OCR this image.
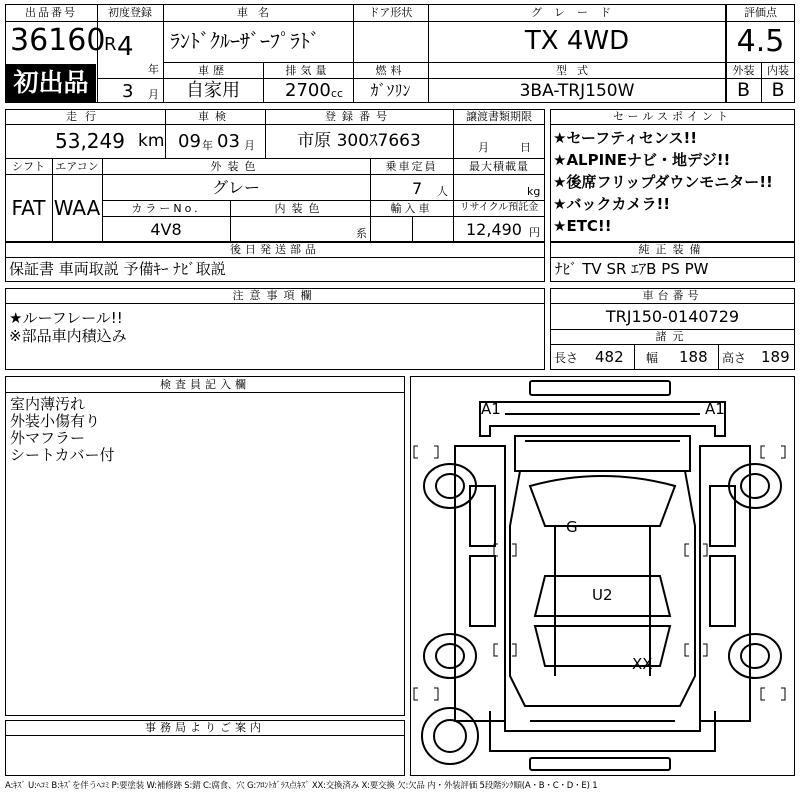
出品番号
36160
初出品
初度登録
R 4
年
3 月
車名
ﾗﾝﾄﾞｸﾙｰｻﾞｰﾌﾟﾗﾄﾞ
ドア形状	グレード
TX 4WD
車歴
自家用
排気量
2700 cc
燃料
ｶﾞｿﾘﾝ
型式
3BA-TRJ150W
評価点
4.5
外装	内装
B	B
走行
53,249 km
車検
09 年 03 月
登録番号
市原 300ｽ7663
譲渡書類期限
月	日
シフト
FAT
エアコン
WAA
外装色
グレー
乗車定員
7 人
最大積載量
kg
カラーNo.
4V8
内装色
系
輸入車	リサイクル預託金
12,490 円
セールスポイント
★セーフティセンス!!
★ALPINEナビ・地デジ!!
★後席フリップダウンモニター!!
★バックカメラ!!
★ETC!!
後日発送部品
保証書 車両取説 予備ｷｰ ﾅﾋﾞ取説
純正装備
ﾅﾋﾞ TV SR ｴｱB PS PW
注意事項欄
★ルーフレール!!
※部品車内積込み
車台番号
TRJ150-0140729
諸元
長さ 482 幅 188 高さ 189
検査員記入欄
室内薄汚れ
外装小傷有り
外マフラー
シートカバー付
事務局よりご案内
A1	A1
G
U2
XX
A:ｷｽﾞ U:ﾍｺﾐ B:ｷｽﾞを伴うﾍｺﾐ P:要塗装 W:補修跡 S:錆 C:腐食、穴 G:ﾌﾛﾝﾄｶﾞﾗｽ点ｷｽﾞ XX:交換済み X:要交換 欠:欠品 内・外装評価 5段階ﾗﾝｸ順(A・B・C・D・E) 1
